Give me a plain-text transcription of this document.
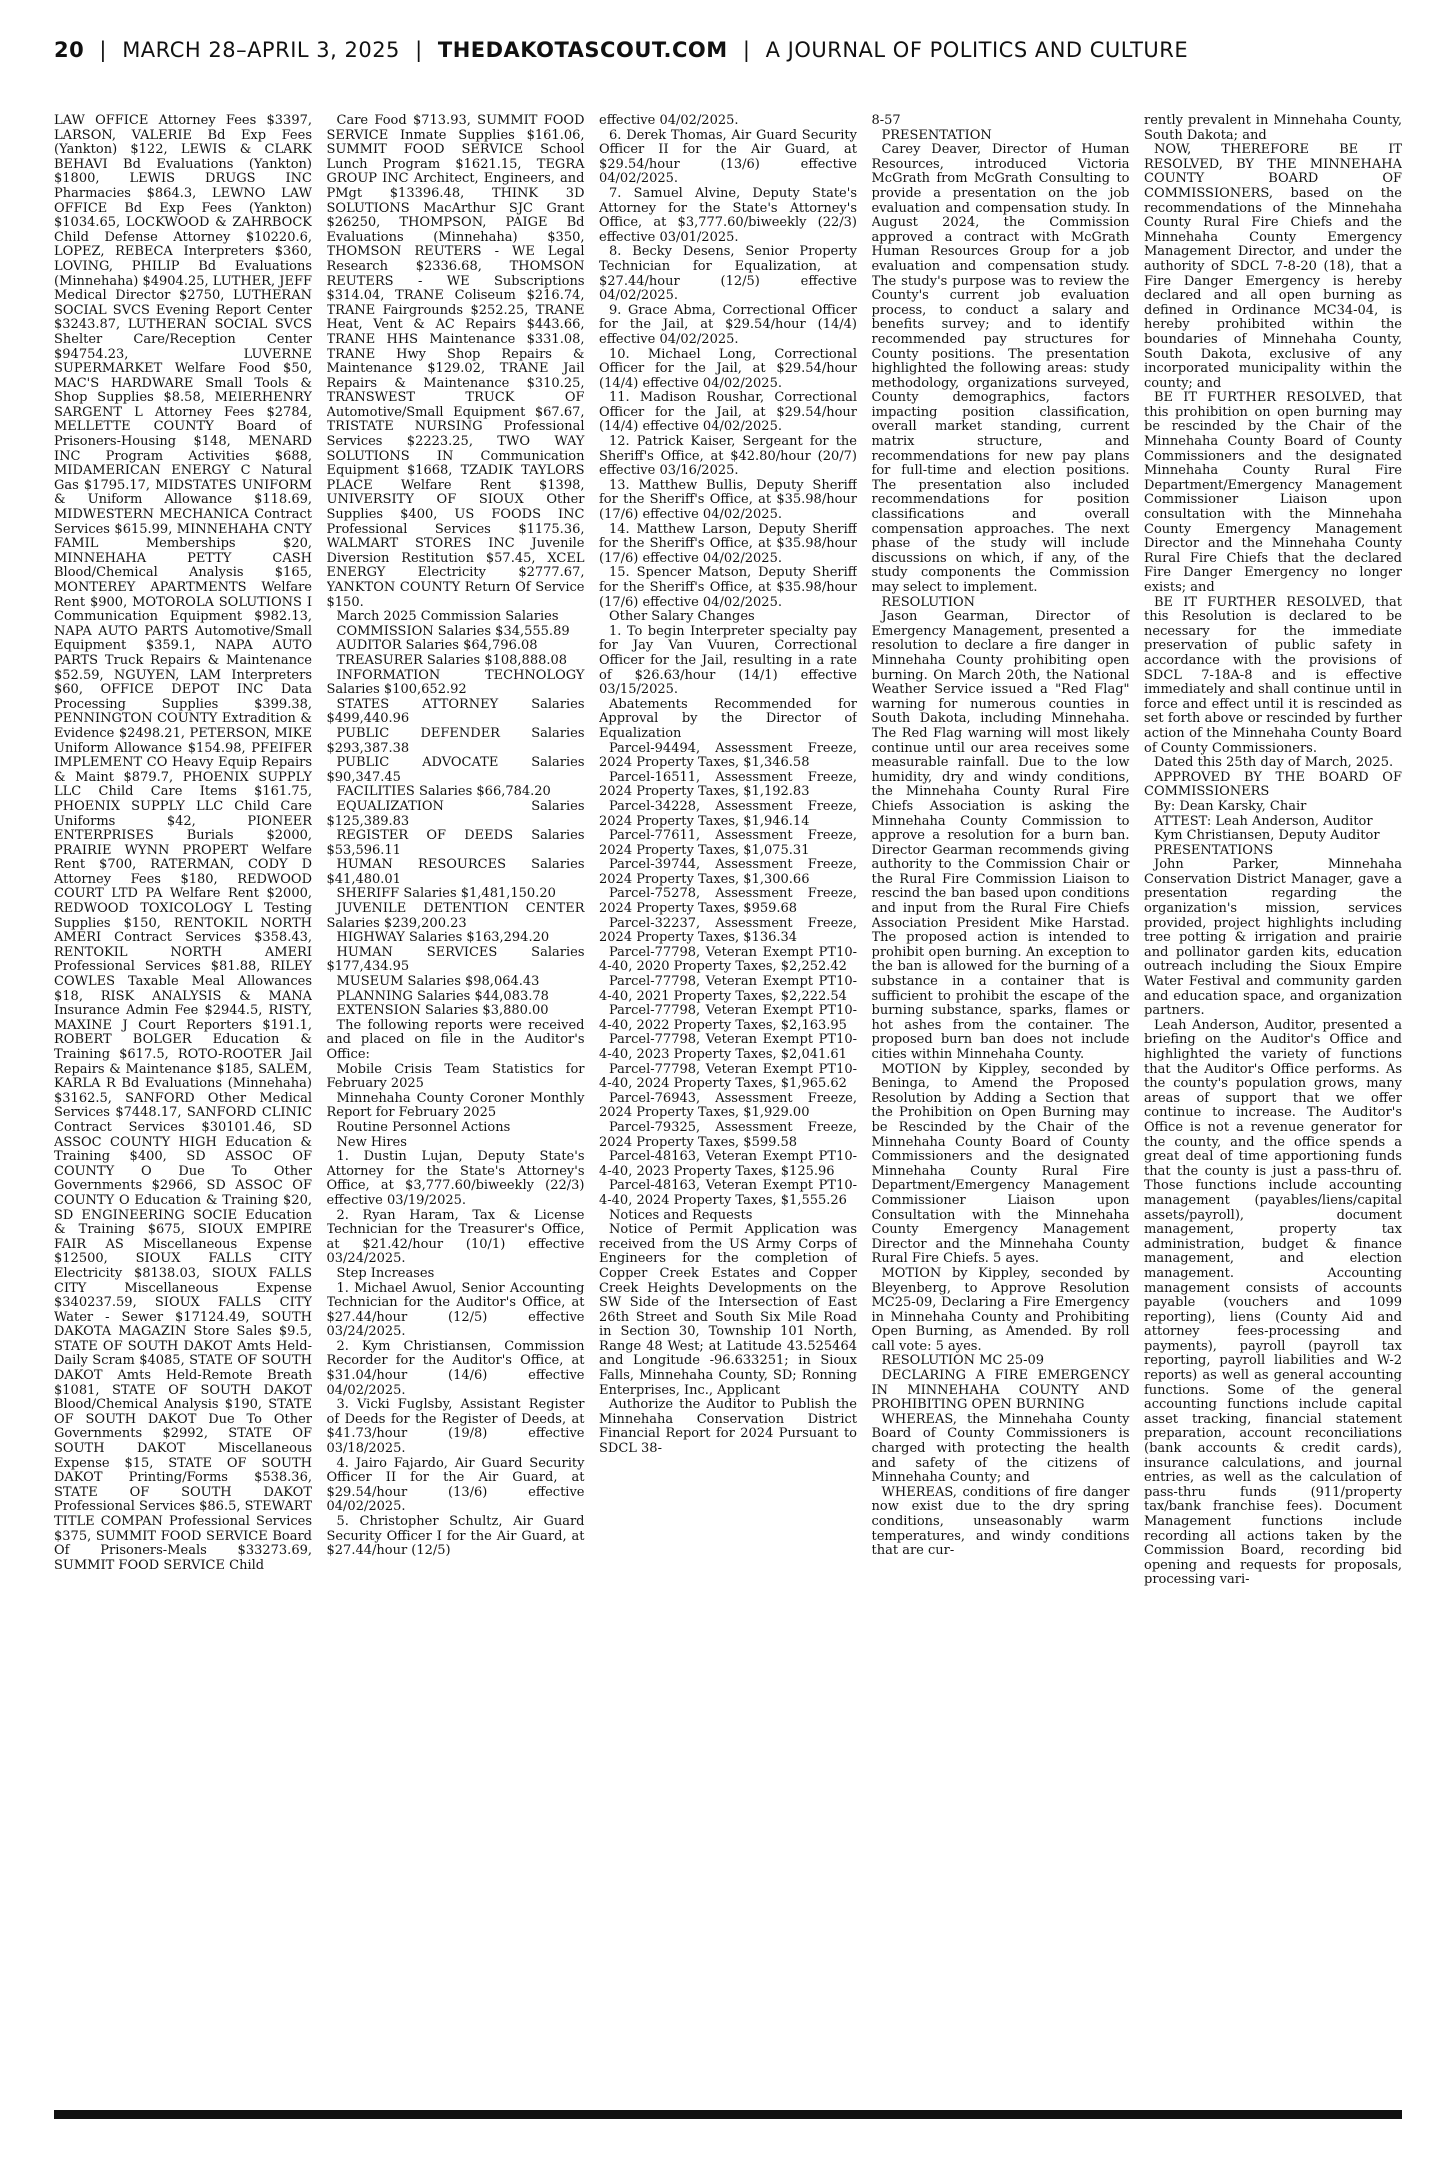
20 | MARCH 28–APRIL 3, 2025 | THEDAKOTASCOUT.COM | A JOURNAL OF POLITICS AND CULTURE

LAW OFFICE Attorney Fees $3397, LARSON, VALERIE Bd Exp Fees (Yankton) $122, LEWIS & CLARK BEHAVI Bd Evaluations (Yankton) $1800, LEWIS DRUGS INC Pharmacies $864.3, LEWNO LAW OFFICE Bd Exp Fees (Yankton) $1034.65, LOCKWOOD & ZAHRBOCK Child Defense Attorney $10220.6, LOPEZ, REBECA Interpreters $360, LOVING, PHILIP Bd Evaluations (Minnehaha) $4904.25, LUTHER, JEFF Medical Director $2750, LUTHERAN SOCIAL SVCS Evening Report Center $3243.87, LUTHERAN SOCIAL SVCS Shelter Care/Reception Center $94754.23, LUVERNE SUPERMARKET Welfare Food $50, MAC'S HARDWARE Small Tools & Shop Supplies $8.58, MEIERHENRY SARGENT L Attorney Fees $2784, MELLETTE COUNTY Board of Prisoners-Housing $148, MENARD INC Program Activities $688, MIDAMERICAN ENERGY C Natural Gas $1795.17, MIDSTATES UNIFORM & Uniform Allowance $118.69, MIDWESTERN MECHANICA Contract Services $615.99, MINNEHAHA CNTY FAMIL Memberships $20, MINNEHAHA PETTY CASH Blood/Chemical Analysis $165, MONTEREY APARTMENTS Welfare Rent $900, MOTOROLA SOLUTIONS I Communication Equipment $982.13, NAPA AUTO PARTS Automotive/Small Equipment $359.1, NAPA AUTO PARTS Truck Repairs & Maintenance $52.59, NGUYEN, LAM Interpreters $60, OFFICE DEPOT INC Data Processing Supplies $399.38, PENNINGTON COUNTY Extradition & Evidence $2498.21, PETERSON, MIKE Uniform Allowance $154.98, PFEIFER IMPLEMENT CO Heavy Equip Repairs & Maint $879.7, PHOENIX SUPPLY LLC Child Care Items $161.75, PHOENIX SUPPLY LLC Child Care Uniforms $42, PIONEER ENTERPRISES Burials $2000, PRAIRIE WYNN PROPERT Welfare Rent $700, RATERMAN, CODY D Attorney Fees $180, REDWOOD COURT LTD PA Welfare Rent $2000, REDWOOD TOXICOLOGY L Testing Supplies $150, RENTOKIL NORTH AMERI Contract Services $358.43, RENTOKIL NORTH AMERI Professional Services $81.88, RILEY COWLES Taxable Meal Allowances $18, RISK ANALYSIS & MANA Insurance Admin Fee $2944.5, RISTY, MAXINE J Court Reporters $191.1, ROBERT BOLGER Education & Training $617.5, ROTO-ROOTER Jail Repairs & Maintenance $185, SALEM, KARLA R Bd Evaluations (Minnehaha) $3162.5, SANFORD Other Medical Services $7448.17, SANFORD CLINIC Contract Services $30101.46, SD ASSOC COUNTY HIGH Education & Training $400, SD ASSOC OF COUNTY O Due To Other Governments $2966, SD ASSOC OF COUNTY O Education & Training $20, SD ENGINEERING SOCIE Education & Training $675, SIOUX EMPIRE FAIR AS Miscellaneous Expense $12500, SIOUX FALLS CITY Electricity $8138.03, SIOUX FALLS CITY Miscellaneous Expense $340237.59, SIOUX FALLS CITY Water - Sewer $17124.49, SOUTH DAKOTA MAGAZIN Store Sales $9.5, STATE OF SOUTH DAKOT Amts Held-Daily Scram $4085, STATE OF SOUTH DAKOT Amts Held-Remote Breath $1081, STATE OF SOUTH DAKOT Blood/Chemical Analysis $190, STATE OF SOUTH DAKOT Due To Other Governments $2992, STATE OF SOUTH DAKOT Miscellaneous Expense $15, STATE OF SOUTH DAKOT Printing/Forms $538.36, STATE OF SOUTH DAKOT Professional Services $86.5, STEWART TITLE COMPAN Professional Services $375, SUMMIT FOOD SERVICE Board Of Prisoners-Meals $33273.69, SUMMIT FOOD SERVICE Child

Care Food $713.93, SUMMIT FOOD SERVICE Inmate Supplies $161.06, SUMMIT FOOD SERVICE School Lunch Program $1621.15, TEGRA GROUP INC Architect, Engineers, and PMgt $13396.48, THINK 3D SOLUTIONS MacArthur SJC Grant $26250, THOMPSON, PAIGE Bd Evaluations (Minnehaha) $350, THOMSON REUTERS - WE Legal Research $2336.68, THOMSON REUTERS - WE Subscriptions $314.04, TRANE Coliseum $216.74, TRANE Fairgrounds $252.25, TRANE Heat, Vent & AC Repairs $443.66, TRANE HHS Maintenance $331.08, TRANE Hwy Shop Repairs & Maintenance $129.02, TRANE Jail Repairs & Maintenance $310.25, TRANSWEST TRUCK OF Automotive/Small Equipment $67.67, TRISTATE NURSING Professional Services $2223.25, TWO WAY SOLUTIONS IN Communication Equipment $1668, TZADIK TAYLORS PLACE Welfare Rent $1398, UNIVERSITY OF SIOUX Other Supplies $400, US FOODS INC Professional Services $1175.36, WALMART STORES INC Juvenile Diversion Restitution $57.45, XCEL ENERGY Electricity $2777.67, YANKTON COUNTY Return Of Service $150.

March 2025 Commission Salaries

COMMISSION Salaries $34,555.89

AUDITOR Salaries $64,796.08

TREASURER Salaries $108,888.08

INFORMATION TECHNOLOGY Salaries $100,652.92

STATES ATTORNEY Salaries $499,440.96

PUBLIC DEFENDER Salaries $293,387.38

PUBLIC ADVOCATE Salaries $90,347.45

FACILITIES Salaries $66,784.20

EQUALIZATION Salaries $125,389.83

REGISTER OF DEEDS Salaries $53,596.11

HUMAN RESOURCES Salaries $41,480.01

SHERIFF Salaries $1,481,150.20

JUVENILE DETENTION CENTER Salaries $239,200.23

HIGHWAY Salaries $163,294.20

HUMAN SERVICES Salaries $177,434.95

MUSEUM Salaries $98,064.43

PLANNING Salaries $44,083.78

EXTENSION Salaries $3,880.00

The following reports were received and placed on file in the Auditor's Office:

Mobile Crisis Team Statistics for February 2025

Minnehaha County Coroner Monthly Report for February 2025

Routine Personnel Actions

New Hires

1. Dustin Lujan, Deputy State's Attorney for the State's Attorney's Office, at $3,777.60/biweekly (22/3) effective 03/19/2025.

2. Ryan Haram, Tax & License Technician for the Treasurer's Office, at $21.42/hour (10/1) effective 03/24/2025.

Step Increases

1. Michael Awuol, Senior Accounting Technician for the Auditor's Office, at $27.44/hour (12/5) effective 03/24/2025.

2. Kym Christiansen, Commission Recorder for the Auditor's Office, at $31.04/hour (14/6) effective 04/02/2025.

3. Vicki Fuglsby, Assistant Register of Deeds for the Register of Deeds, at $41.73/hour (19/8) effective 03/18/2025.

4. Jairo Fajardo, Air Guard Security Officer II for the Air Guard, at $29.54/hour (13/6) effective 04/02/2025.

5. Christopher Schultz, Air Guard Security Officer I for the Air Guard, at $27.44/hour (12/5)

effective 04/02/2025.

6. Derek Thomas, Air Guard Security Officer II for the Air Guard, at $29.54/hour (13/6) effective 04/02/2025.

7. Samuel Alvine, Deputy State's Attorney for the State's Attorney's Office, at $3,777.60/biweekly (22/3) effective 03/01/2025.

8. Becky Desens, Senior Property Technician for Equalization, at $27.44/hour (12/5) effective 04/02/2025.

9. Grace Abma, Correctional Officer for the Jail, at $29.54/hour (14/4) effective 04/02/2025.

10. Michael Long, Correctional Officer for the Jail, at $29.54/hour (14/4) effective 04/02/2025.

11. Madison Roushar, Correctional Officer for the Jail, at $29.54/hour (14/4) effective 04/02/2025.

12. Patrick Kaiser, Sergeant for the Sheriff's Office, at $42.80/hour (20/7) effective 03/16/2025.

13. Matthew Bullis, Deputy Sheriff for the Sheriff's Office, at $35.98/hour (17/6) effective 04/02/2025.

14. Matthew Larson, Deputy Sheriff for the Sheriff's Office, at $35.98/hour (17/6) effective 04/02/2025.

15. Spencer Matson, Deputy Sheriff for the Sheriff's Office, at $35.98/hour (17/6) effective 04/02/2025.

Other Salary Changes

1. To begin Interpreter specialty pay for Jay Van Vuuren, Correctional Officer for the Jail, resulting in a rate of $26.63/hour (14/1) effective 03/15/2025.

Abatements Recommended for Approval by the Director of Equalization

Parcel-94494, Assessment Freeze, 2024 Property Taxes, $1,346.58

Parcel-16511, Assessment Freeze, 2024 Property Taxes, $1,192.83

Parcel-34228, Assessment Freeze, 2024 Property Taxes, $1,946.14

Parcel-77611, Assessment Freeze, 2024 Property Taxes, $1,075.31

Parcel-39744, Assessment Freeze, 2024 Property Taxes, $1,300.66

Parcel-75278, Assessment Freeze, 2024 Property Taxes, $959.68

Parcel-32237, Assessment Freeze, 2024 Property Taxes, $136.34

Parcel-77798, Veteran Exempt PT10-4-40, 2020 Property Taxes, $2,252.42

Parcel-77798, Veteran Exempt PT10-4-40, 2021 Property Taxes, $2,222.54

Parcel-77798, Veteran Exempt PT10-4-40, 2022 Property Taxes, $2,163.95

Parcel-77798, Veteran Exempt PT10-4-40, 2023 Property Taxes, $2,041.61

Parcel-77798, Veteran Exempt PT10-4-40, 2024 Property Taxes, $1,965.62

Parcel-76943, Assessment Freeze, 2024 Property Taxes, $1,929.00

Parcel-79325, Assessment Freeze, 2024 Property Taxes, $599.58

Parcel-48163, Veteran Exempt PT10-4-40, 2023 Property Taxes, $125.96

Parcel-48163, Veteran Exempt PT10-4-40, 2024 Property Taxes, $1,555.26

Notices and Requests

Notice of Permit Application was received from the US Army Corps of Engineers for the completion of Copper Creek Estates and Copper Creek Heights Developments on the SW Side of the Intersection of East 26th Street and South Six Mile Road in Section 30, Township 101 North, Range 48 West; at Latitude 43.525464 and Longitude -96.633251; in Sioux Falls, Minnehaha County, SD; Ronning Enterprises, Inc., Applicant

Authorize the Auditor to Publish the Minnehaha Conservation District Financial Report for 2024 Pursuant to SDCL 38-

8-57

PRESENTATION

Carey Deaver, Director of Human Resources, introduced Victoria McGrath from McGrath Consulting to provide a presentation on the job evaluation and compensation study. In August 2024, the Commission approved a contract with McGrath Human Resources Group for a job evaluation and compensation study. The study's purpose was to review the County's current job evaluation process, to conduct a salary and benefits survey; and to identify recommended pay structures for County positions. The presentation highlighted the following areas: study methodology, organizations surveyed, County demographics, factors impacting position classification, overall market standing, current matrix structure, and recommendations for new pay plans for full-time and election positions. The presentation also included recommendations for position classifications and overall compensation approaches. The next phase of the study will include discussions on which, if any, of the study components the Commission may select to implement.

RESOLUTION

Jason Gearman, Director of Emergency Management, presented a resolution to declare a fire danger in Minnehaha County prohibiting open burning. On March 20th, the National Weather Service issued a "Red Flag" warning for numerous counties in South Dakota, including Minnehaha. The Red Flag warning will most likely continue until our area receives some measurable rainfall. Due to the low humidity, dry and windy conditions, the Minnehaha County Rural Fire Chiefs Association is asking the Minnehaha County Commission to approve a resolution for a burn ban. Director Gearman recommends giving authority to the Commission Chair or the Rural Fire Commission Liaison to rescind the ban based upon conditions and input from the Rural Fire Chiefs Association President Mike Harstad. The proposed action is intended to prohibit open burning. An exception to the ban is allowed for the burning of a substance in a container that is sufficient to prohibit the escape of the burning substance, sparks, flames or hot ashes from the container. The proposed burn ban does not include cities within Minnehaha County.

MOTION by Kippley, seconded by Beninga, to Amend the Proposed Resolution by Adding a Section that the Prohibition on Open Burning may be Rescinded by the Chair of the Minnehaha County Board of County Commissioners and the designated Minnehaha County Rural Fire Department/Emergency Management Commissioner Liaison upon Consultation with the Minnehaha County Emergency Management Director and the Minnehaha County Rural Fire Chiefs. 5 ayes.

MOTION by Kippley, seconded by Bleyenberg, to Approve Resolution MC25-09, Declaring a Fire Emergency in Minnehaha County and Prohibiting Open Burning, as Amended. By roll call vote: 5 ayes.

RESOLUTION MC 25-09

DECLARING A FIRE EMERGENCY IN MINNEHAHA COUNTY AND PROHIBITING OPEN BURNING

WHEREAS, the Minnehaha County Board of County Commissioners is charged with protecting the health and safety of the citizens of Minnehaha County; and

WHEREAS, conditions of fire danger now exist due to the dry spring conditions, unseasonably warm temperatures, and windy conditions that are cur-

rently prevalent in Minnehaha County, South Dakota; and

NOW, THEREFORE BE IT RESOLVED, BY THE MINNEHAHA COUNTY BOARD OF COMMISSIONERS, based on the recommendations of the Minnehaha County Rural Fire Chiefs and the Minnehaha County Emergency Management Director, and under the authority of SDCL 7-8-20 (18), that a Fire Danger Emergency is hereby declared and all open burning as defined in Ordinance MC34-04, is hereby prohibited within the boundaries of Minnehaha County, South Dakota, exclusive of any incorporated municipality within the county; and

BE IT FURTHER RESOLVED, that this prohibition on open burning may be rescinded by the Chair of the Minnehaha County Board of County Commissioners and the designated Minnehaha County Rural Fire Department/Emergency Management Commissioner Liaison upon consultation with the Minnehaha County Emergency Management Director and the Minnehaha County Rural Fire Chiefs that the declared Fire Danger Emergency no longer exists; and

BE IT FURTHER RESOLVED, that this Resolution is declared to be necessary for the immediate preservation of public safety in accordance with the provisions of SDCL 7-18A-8 and is effective immediately and shall continue until in force and effect until it is rescinded as set forth above or rescinded by further action of the Minnehaha County Board of County Commissioners.

Dated this 25th day of March, 2025.

APPROVED BY THE BOARD OF COMMISSIONERS

By: Dean Karsky, Chair

ATTEST: Leah Anderson, Auditor

Kym Christiansen, Deputy Auditor

PRESENTATIONS

John Parker, Minnehaha Conservation District Manager, gave a presentation regarding the organization's mission, services provided, project highlights including tree potting & irrigation and prairie and pollinator garden kits, education outreach including the Sioux Empire Water Festival and community garden and education space, and organization partners.

Leah Anderson, Auditor, presented a briefing on the Auditor's Office and highlighted the variety of functions that the Auditor's Office performs. As the county's population grows, many areas of support that we offer continue to increase. The Auditor's Office is not a revenue generator for the county, and the office spends a great deal of time apportioning funds that the county is just a pass-thru of. Those functions include accounting management (payables/liens/capital assets/payroll), document management, property tax administration, budget & finance management, and election management. Accounting management consists of accounts payable (vouchers and 1099 reporting), liens (County Aid and attorney fees-processing and payments), payroll (payroll tax reporting, payroll liabilities and W-2 reports) as well as general accounting functions. Some of the general accounting functions include capital asset tracking, financial statement preparation, account reconciliations (bank accounts & credit cards), insurance calculations, and journal entries, as well as the calculation of pass-thru funds (911/property tax/bank franchise fees). Document Management functions include recording all actions taken by the Commission Board, recording bid opening and requests for proposals, processing vari-
